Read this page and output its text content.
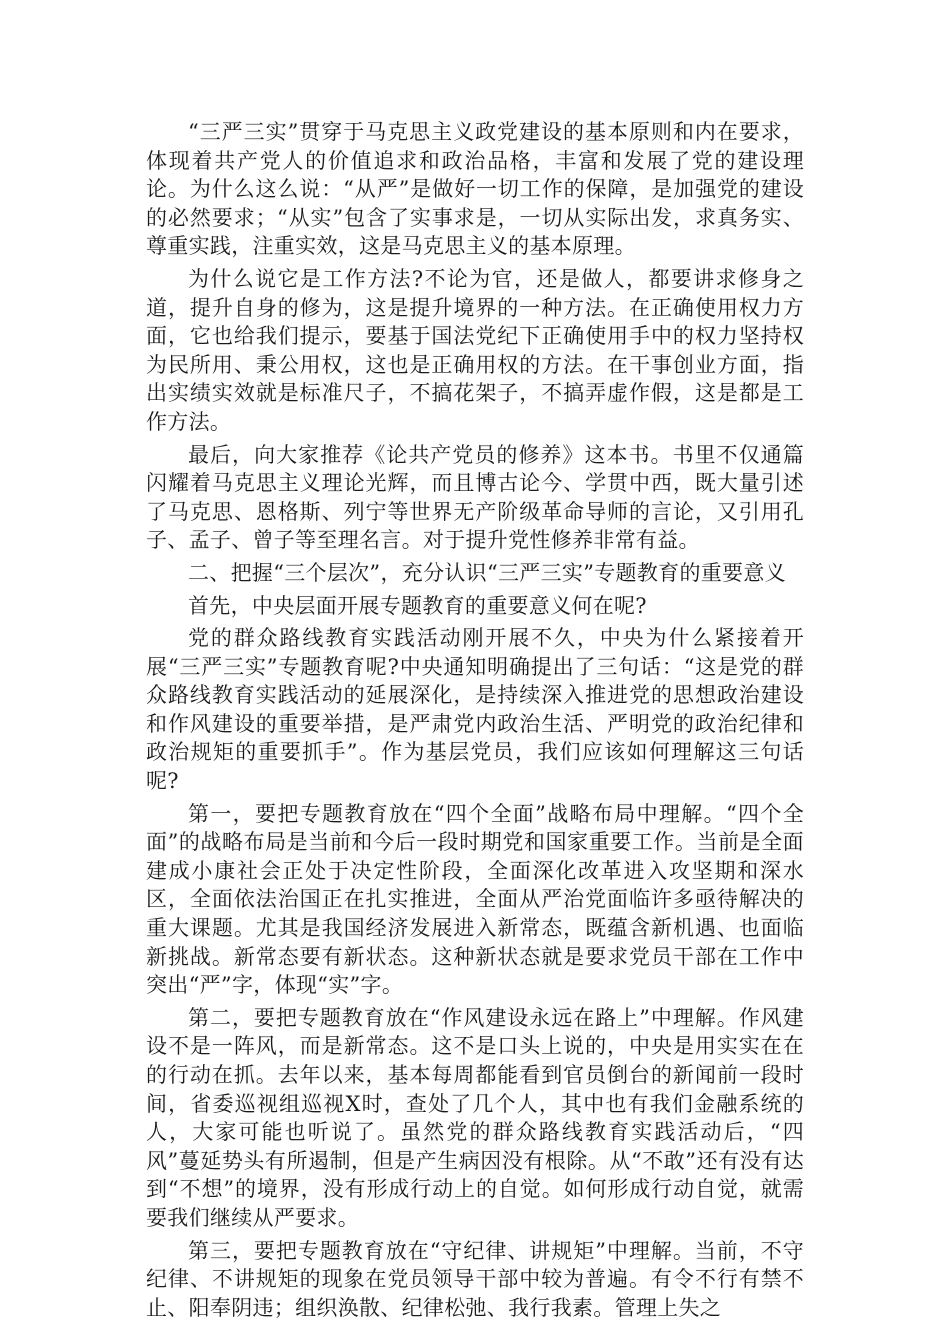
“三严三实”贯穿于马克思主义政党建设的基本原则和内在要求，体现着共产党人的价值追求和政治品格，丰富和发展了党的建设理论。为什么这么说：“从严”是做好一切工作的保障，是加强党的建设的必然要求；“从实”包含了实事求是，一切从实际出发，求真务实、尊重实践，注重实效，这是马克思主义的基本原理。

为什么说它是工作方法?不论为官，还是做人，都要讲求修身之道，提升自身的修为，这是提升境界的一种方法。在正确使用权力方面，它也给我们提示，要基于国法党纪下正确使用手中的权力坚持权为民所用、秉公用权，这也是正确用权的方法。在干事创业方面，指出实绩实效就是标准尺子，不搞花架子，不搞弄虚作假，这是都是工作方法。

最后，向大家推荐《论共产党员的修养》这本书。书里不仅通篇闪耀着马克思主义理论光辉，而且博古论今、学贯中西，既大量引述了马克思、恩格斯、列宁等世界无产阶级革命导师的言论，又引用孔子、孟子、曾子等至理名言。对于提升党性修养非常有益。

二、把握“三个层次”，充分认识“三严三实”专题教育的重要意义

首先，中央层面开展专题教育的重要意义何在呢?

党的群众路线教育实践活动刚开展不久，中央为什么紧接着开展“三严三实”专题教育呢?中央通知明确提出了三句话：“这是党的群众路线教育实践活动的延展深化，是持续深入推进党的思想政治建设和作风建设的重要举措，是严肃党内政治生活、严明党的政治纪律和政治规矩的重要抓手”。作为基层党员，我们应该如何理解这三句话呢?

第一，要把专题教育放在“四个全面”战略布局中理解。“四个全面”的战略布局是当前和今后一段时期党和国家重要工作。当前是全面建成小康社会正处于决定性阶段，全面深化改革进入攻坚期和深水区，全面依法治国正在扎实推进，全面从严治党面临许多亟待解决的重大课题。尤其是我国经济发展进入新常态，既蕴含新机遇、也面临新挑战。新常态要有新状态。这种新状态就是要求党员干部在工作中突出“严”字，体现“实”字。

第二，要把专题教育放在“作风建设永远在路上”中理解。作风建设不是一阵风，而是新常态。这不是口头上说的，中央是用实实在在的行动在抓。去年以来，基本每周都能看到官员倒台的新闻前一段时间，省委巡视组巡视X时，查处了几个人，其中也有我们金融系统的人，大家可能也听说了。虽然党的群众路线教育实践活动后，“四风”蔓延势头有所遏制，但是产生病因没有根除。从“不敢”还有没有达到“不想”的境界，没有形成行动上的自觉。如何形成行动自觉，就需要我们继续从严要求。

第三，要把专题教育放在“守纪律、讲规矩”中理解。当前，不守纪律、不讲规矩的现象在党员领导干部中较为普遍。有令不行有禁不止、阳奉阴违；组织涣散、纪律松弛、我行我素。管理上失之
